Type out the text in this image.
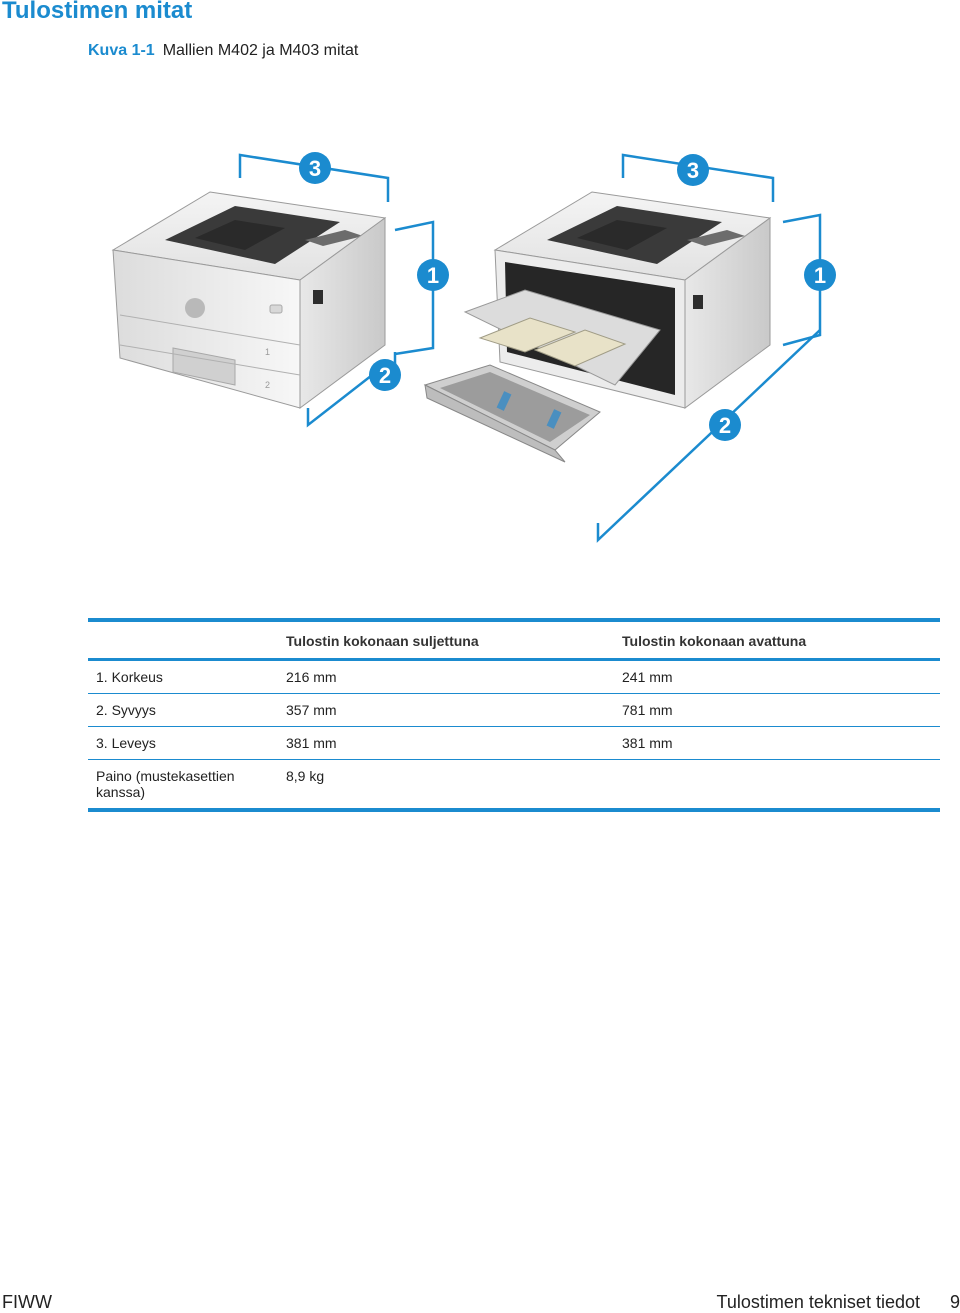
Tulostimen mitat
Kuva 1-1 Mallien M402 ja M403 mitat
1
2
3
1
2
3
1
2
	Tulostin kokonaan suljettuna	Tulostin kokonaan avattuna
1. Korkeus	216 mm	241 mm
2. Syvyys	357 mm	781 mm
3. Leveys	381 mm	381 mm
Paino (mustekasettien kanssa)	8,9 kg	
FIWW	Tulostimen tekniset tiedot 9
